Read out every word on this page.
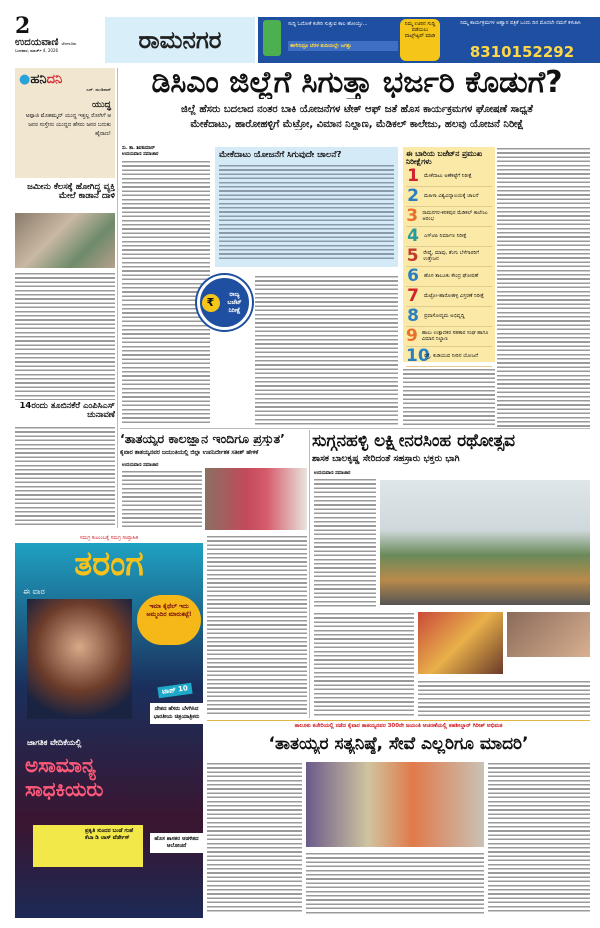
2
ಉದಯವಾಣಿ ಬೆಂಗಳೂರು
ಬುಧವಾರ, ಮಾರ್ಚ್ 4, 2026	ರಾಮನಗರ
ಸುದ್ದಿ ಓದೋಕೆ ಕಚೇರಿ ಸುತ್ತುವ ಕಾಲ ಹೋಯ್ತು...
ಈಗೇನಿದ್ರೂ ಬೆರಳ ತುದಿಯಲ್ಲೇ ಜಗತ್ತು
ನಿಮ್ಮ ಊರಿನ ಸುದ್ದಿ ಪಡೆಯಲು ವಾಟ್ಸ್ಆ್ಯಪ್ ಮಾಡಿ
ನಿಮ್ಮ ಕಾರ್ಯಕ್ರಮಗಳ ಆಹ್ವಾನ ಪತ್ರಿಕೆ ಒಂದು ದಿನ ಮೊದಲೇ ನಮಗೆ ಕಳುಹಿಸಿ
8310152292
●ಹನಿದನಿ
ಎಚ್. ಡುಂಡಿರಾಜ್
ಯುದ್ಧ
ಅಪ್ಪಾಜಿ ಮೊಹಮ್ಮದ್ ಯುದ್ಧ ಇತ್ತಲ್ಲ ರೋಗಿಗೆ ಆ ಜನರ ಸುಸ್ತೇನು ಯುದ್ಧದ ಹೆಸರು ಜನರ ಬದುಕು ಹೈರಾಣ!
ಜಮೀನು ಕೆಲಸಕ್ಕೆ ಹೋಗಿದ್ದ ವ್ಯಕ್ತಿ ಮೇಲೆ ಕಾಡಾನೆ ದಾಳಿ
14ರಂದು ತೂಬಿನಕೆರೆ ಎಂಪಿಸಿಎಸ್ ಚುನಾವಣೆ
ಸಮಗ್ರ ಕುಟುಂಬಕ್ಕೆ ಸಮಗ್ರ ಸಾಪ್ತಾಹಿಕ
ತರಂಗ
ಈ ವಾರ
ಇಮಾ ಕೈಥೆಲ್ ಇದು ಅಮ್ಮಂದಿರ ಮಾರುಕಟ್ಟೆ!
ಟಾಪ್ 10
ದೇಶದ ಹೆಸರು ಬೆಳಗಿಸಿದ ಭಾರತೀಯ ಚಿತ್ರಯಾತ್ರಿಕರು
ಜಾಗತಿಕ ವೇದಿಕೆಯಲ್ಲಿ
ಅಸಾಮಾನ್ಯ ಸಾಧಕಿಯರು
ಪ್ರಕೃತಿ ಸುಂದರ ಬಂಡೆ ಗುಹೆ ಕೆಬಾ ಡಿ ಲಾಸ್ ವೆರ್ಡೇಸ್	ಹೊಸ ಶಾಸಕರ ಆಡಳಿತದ ಆಲೋಚನೆ
ಡಿಸಿಎಂ ಜಿಲ್ಲೆಗೆ ಸಿಗುತ್ತಾ ಭರ್ಜರಿ ಕೊಡುಗೆ?
ಜಿಲ್ಲೆ ಹೆಸರು ಬದಲಾದ ನಂತರ ಬಾಕಿ ಯೋಜನೆಗಳ ಟೇಕ್ ಆಫ್ ಜತೆ ಹೊಸ ಕಾರ್ಯಕ್ರಮಗಳ ಘೋಷಣೆ ಸಾಧ್ಯತೆ
ಮೇಕೆದಾಟು, ಹಾರೋಹಳ್ಳಿಗೆ ಮೆಟ್ರೋ, ವಿಮಾನ ನಿಲ್ದಾಣ, ಮೆಡಿಕಲ್ ಕಾಲೇಜು, ಹಲವು ಯೋಜನೆ ನಿರೀಕ್ಷೆ
ಸು. ತಾ. ಶಿವಕುಮಾರ್
ಉದಯವಾಣಿ ಸಮಾಚಾರ	ಮೇಕೆದಾಟು ಯೋಜನೆಗೆ ಸಿಗುವುದೇ ಚಾಲನೆ?
₹
ರಾಜ್ಯ ಬಜೆಟ್ ನಿರೀಕ್ಷೆ
ಈ ಬಾರಿಯ ಬಜೆಟ್‌ನ ಪ್ರಮುಖ ನಿರೀಕ್ಷೆಗಳು
1 ಮೇಕೆದಾಟು ಅಣೆಕಟ್ಟೆಗೆ ನಿರೀಕ್ಷೆ
2 ಮಹಿಳಾ ವಿಶ್ವವಿದ್ಯಾಲಯಕ್ಕೆ ಚಾಲನೆ
3 ರಾಮನಗರ-ಕನಕಪುರ ಮೆಡಿಕಲ್ ಕಾಲೇಜು ಆರಂಭ
4 ಎಸ್‌ಟಿಪಿ ನಿರ್ಮಾಣ ನಿರೀಕ್ಷೆ
5 ರೇಷ್ಮೆ, ಮಾವು, ತೆಂಗು ಬೆಳೆಗಾರರಿಗೆ ಉತ್ತೇಜನ
6 ಹೊಸ ತಾಲೂಕು ಕೇಂದ್ರ ಘೋಷಣೆ
7 ಮೆಟ್ರೋ-ಹಾರೋಹಳ್ಳಿ ವಿಸ್ತರಣೆ ನಿರೀಕ್ಷೆ
8 ಪ್ರವಾಸೋದ್ಯಮ ಅಭಿವೃದ್ಧಿ
9 ಹಾಲು ಉತ್ಪಾದಕರ ಸಹಕಾರ ಸಂಘ ಹಾಗೂ ವಿಮಾನ ನಿಲ್ದಾಣ
10
ರಸ್ತೆ, ಕುಡಿಯುವ ನೀರಿನ ಯೋಜನೆ
‘ತಾತಯ್ಯರ ಕಾಲಜ್ಞಾನ ಇಂದಿಗೂ ಪ್ರಸ್ತುತ’
ಕೈವಾರ ತಾತಯ್ಯನವರ ಜಯಂತಿಯಲ್ಲಿ ಜಿಲ್ಲಾ ಉಪನಿರ್ದೇಶಕ ಸತೀಶ್ ಹೇಳಿಕೆ
ಉದಯವಾಣಿ ಸಮಾಚಾರ
ಸುಗ್ಗನಹಳ್ಳಿ ಲಕ್ಷ್ಮೀನರಸಿಂಹ ರಥೋತ್ಸವ
ಶಾಸಕ ಬಾಲಕೃಷ್ಣ ಸೇರಿದಂತೆ ಸಹಸ್ರಾರು ಭಕ್ತರು ಭಾಗಿ
ಉದಯವಾಣಿ ಸಮಾಚಾರ
ತಾಲೂಕು ಕಚೇರಿಯಲ್ಲಿ ನಡೆದ ಕೈವಾರ ತಾತಯ್ಯನವರ 300ನೇ ಜಯಂತಿ ಆಚರಣೆಯಲ್ಲಿ ತಹಶೀಲ್ದಾರ್ ಗಿರೀಶ್ ಅಭಿಮತ
‘ತಾತಯ್ಯರ ಸತ್ಯನಿಷ್ಠೆ, ಸೇವೆ ಎಲ್ಲರಿಗೂ ಮಾದರಿ’
